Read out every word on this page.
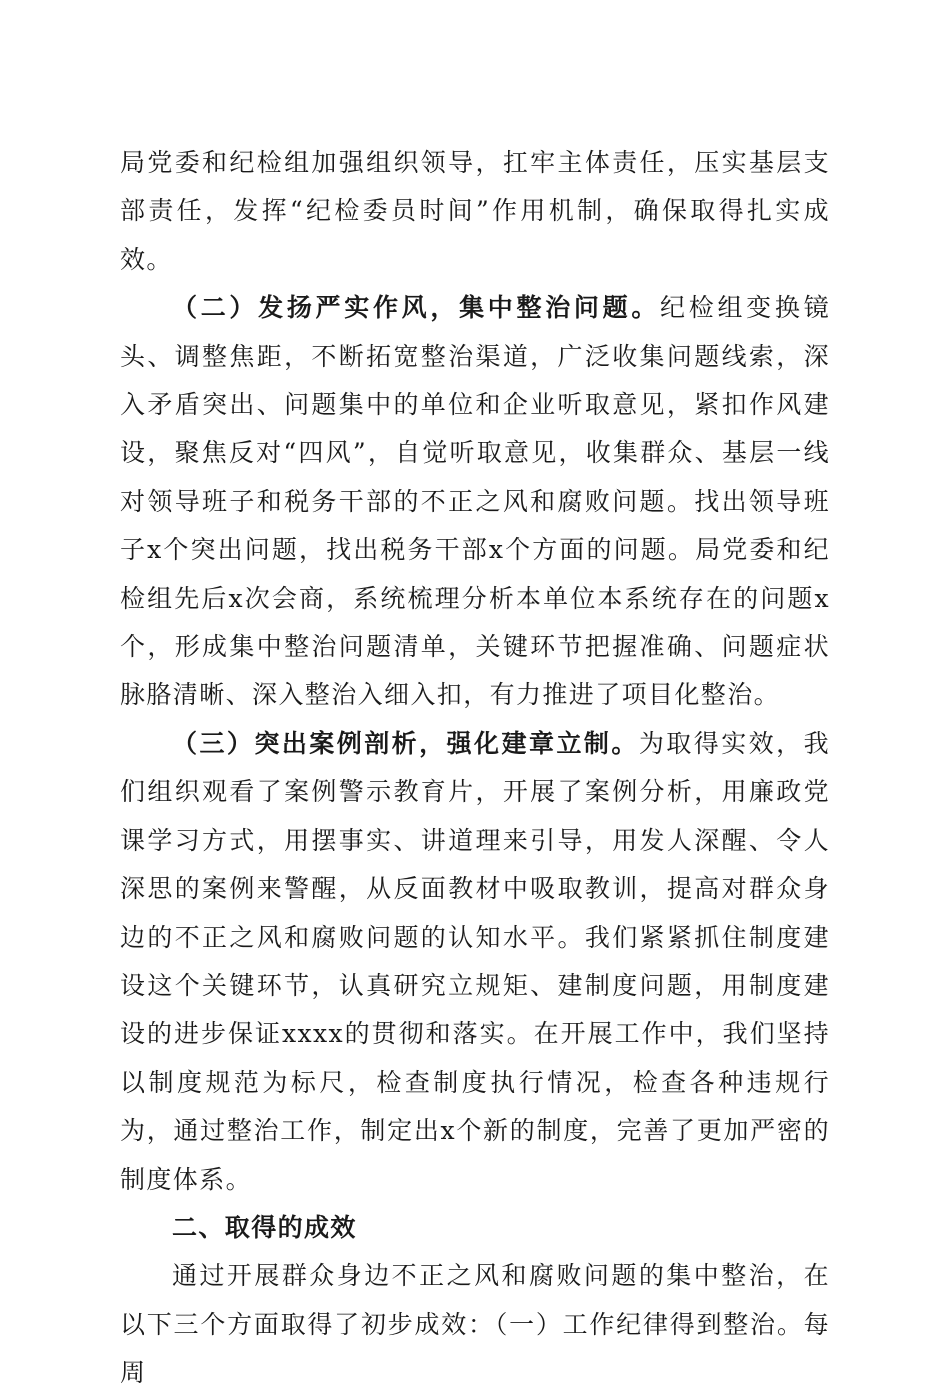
局党委和纪检组加强组织领导，扛牢主体责任，压实基层支部责任，发挥“纪检委员时间”作用机制，确保取得扎实成效。

（二）发扬严实作风，集中整治问题。纪检组变换镜头、调整焦距，不断拓宽整治渠道，广泛收集问题线索，深入矛盾突出、问题集中的单位和企业听取意见，紧扣作风建设，聚焦反对“四风”，自觉听取意见，收集群众、基层一线对领导班子和税务干部的不正之风和腐败问题。找出领导班子x个突出问题，找出税务干部x个方面的问题。局党委和纪检组先后x次会商，系统梳理分析本单位本系统存在的问题x个，形成集中整治问题清单，关键环节把握准确、问题症状脉胳清晰、深入整治入细入扣，有力推进了项目化整治。

（三）突出案例剖析，强化建章立制。为取得实效，我们组织观看了案例警示教育片，开展了案例分析，用廉政党课学习方式，用摆事实、讲道理来引导，用发人深醒、令人深思的案例来警醒，从反面教材中吸取教训，提高对群众身边的不正之风和腐败问题的认知水平。我们紧紧抓住制度建设这个关键环节，认真研究立规矩、建制度问题，用制度建设的进步保证xxxx的贯彻和落实。在开展工作中，我们坚持以制度规范为标尺，检查制度执行情况，检查各种违规行为，通过整治工作，制定出x个新的制度，完善了更加严密的制度体系。

二、取得的成效

通过开展群众身边不正之风和腐败问题的集中整治，在以下三个方面取得了初步成效：（一）工作纪律得到整治。每周
